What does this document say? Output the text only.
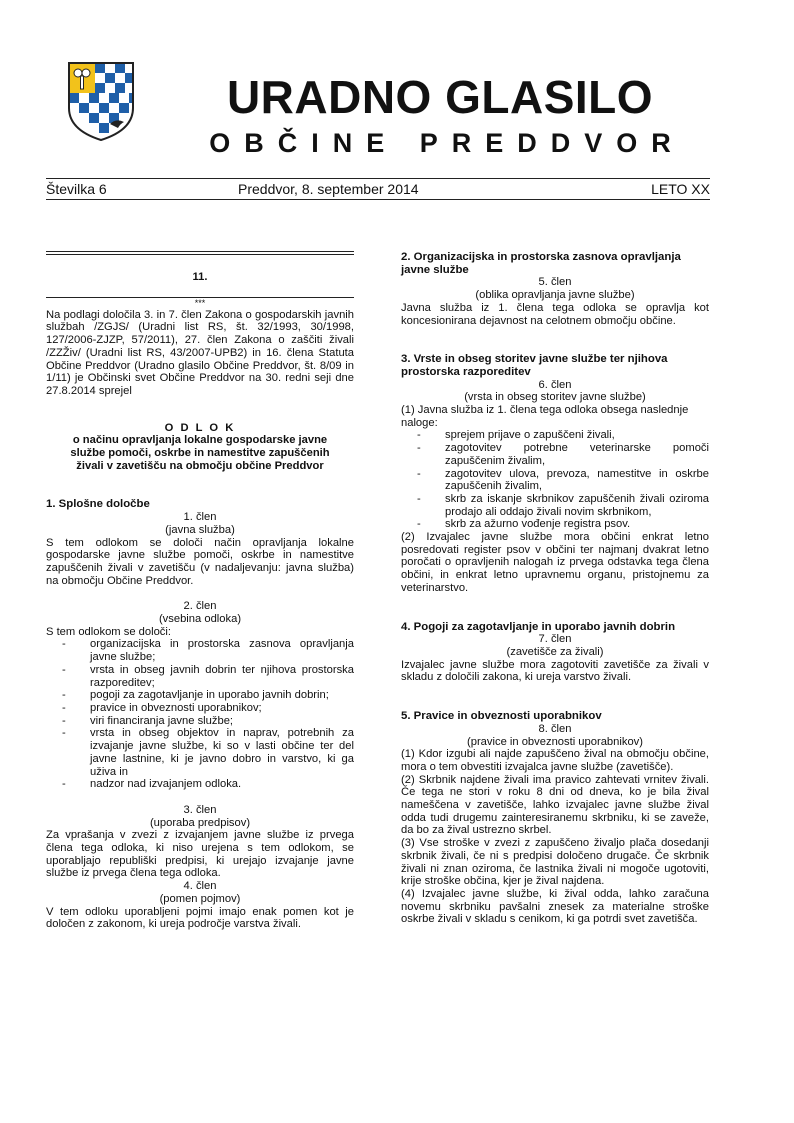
URADNO GLASILO
OBČINE PREDDVOR
Številka 6	Preddvor, 8. september 2014	LETO XX

11.

***

Na podlagi določila 3. in 7. člen Zakona o gospodarskih javnih službah /ZGJS/ (Uradni list RS, št. 32/1993, 30/1998, 127/2006-ZJZP, 57/2011), 27. člen Zakona o zaščiti živali /ZZŽiv/ (Uradni list RS, 43/2007-UPB2) in 16. člena Statuta Občine Preddvor (Uradno glasilo Občine Preddvor, št. 8/09 in 1/11) je Občinski svet Občine Preddvor na 30. redni seji dne 27.8.2014 sprejel

O D L O K

o načinu opravljanja lokalne gospodarske javne

službe pomoči, oskrbe in namestitve zapuščenih

živali v zavetišču na območju občine Preddvor

1. Splošne določbe

1. člen

(javna služba)

S tem odlokom se določi način opravljanja lokalne gospodarske javne službe pomoči, oskrbe in namestitve zapuščenih živali v zavetišču (v nadaljevanju: javna služba) na območju Občine Preddvor.

2. člen

(vsebina odloka)

S tem odlokom se določi:

- organizacijska in prostorska zasnova opravljanja javne službe;
- vrsta in obseg javnih dobrin ter njihova prostorska razporeditev;
- pogoji za zagotavljanje in uporabo javnih dobrin;
- pravice in obveznosti uporabnikov;
- viri financiranja javne službe;
- vrsta in obseg objektov in naprav, potrebnih za izvajanje javne službe, ki so v lasti občine ter del javne lastnine, ki je javno dobro in varstvo, ki ga uživa in
- nadzor nad izvajanjem odloka.

3. člen

(uporaba predpisov)

Za vprašanja v zvezi z izvajanjem javne službe iz prvega člena tega odloka, ki niso urejena s tem odlokom, se uporabljajo republiški predpisi, ki urejajo izvajanje javne službe iz prvega člena tega odloka.

4. člen

(pomen pojmov)

V tem odloku uporabljeni pojmi imajo enak pomen kot je določen z zakonom, ki ureja področje varstva živali.

2. Organizacijska in prostorska zasnova opravljanja javne službe

5. člen

(oblika opravljanja javne službe)

Javna služba iz 1. člena tega odloka se opravlja kot koncesionirana dejavnost na celotnem območju občine.

3. Vrste in obseg storitev javne službe ter njihova prostorska razporeditev

6. člen

(vrsta in obseg storitev javne službe)

(1) Javna služba iz 1. člena tega odloka obsega naslednje naloge:

- sprejem prijave o zapuščeni živali,
- zagotovitev potrebne veterinarske pomoči zapuščenim živalim,
- zagotovitev ulova, prevoza, namestitve in oskrbe zapuščenih živalim,
- skrb za iskanje skrbnikov zapuščenih živali oziroma prodajo ali oddajo živali novim skrbnikom,
- skrb za ažurno vođenje registra psov.

(2) Izvajalec javne službe mora občini enkrat letno posredovati register psov v občini ter najmanj dvakrat letno poročati o opravljenih nalogah iz prvega odstavka tega člena občini, in enkrat letno upravnemu organu, pristojnemu za veterinarstvo.

4. Pogoji za zagotavljanje in uporabo javnih dobrin

7. člen

(zavetišče za živali)

Izvajalec javne službe mora zagotoviti zavetišče za živali v skladu z določili zakona, ki ureja varstvo živali.

5. Pravice in obveznosti uporabnikov

8. člen

(pravice in obveznosti uporabnikov)

(1) Kdor izgubi ali najde zapuščeno žival na območju občine, mora o tem obvestiti izvajalca javne službe (zavetišče).

(2) Skrbnik najdene živali ima pravico zahtevati vrnitev živali. Če tega ne stori v roku 8 dni od dneva, ko je bila žival nameščena v zavetišče, lahko izvajalec javne službe žival odda tudi drugemu zainteresiranemu skrbniku, ki se zaveže, da bo za žival ustrezno skrbel.

(3) Vse stroške v zvezi z zapuščeno živaljo plača dosedanji skrbnik živali, če ni s predpisi določeno drugače. Če skrbnik živali ni znan oziroma, če lastnika živali ni mogoče ugotoviti, krije stroške občina, kjer je žival najdena.

(4) Izvajalec javne službe, ki žival odda, lahko zaračuna novemu skrbniku pavšalni znesek za materialne stroške oskrbe živali v skladu s cenikom, ki ga potrdi svet zavetišča.
